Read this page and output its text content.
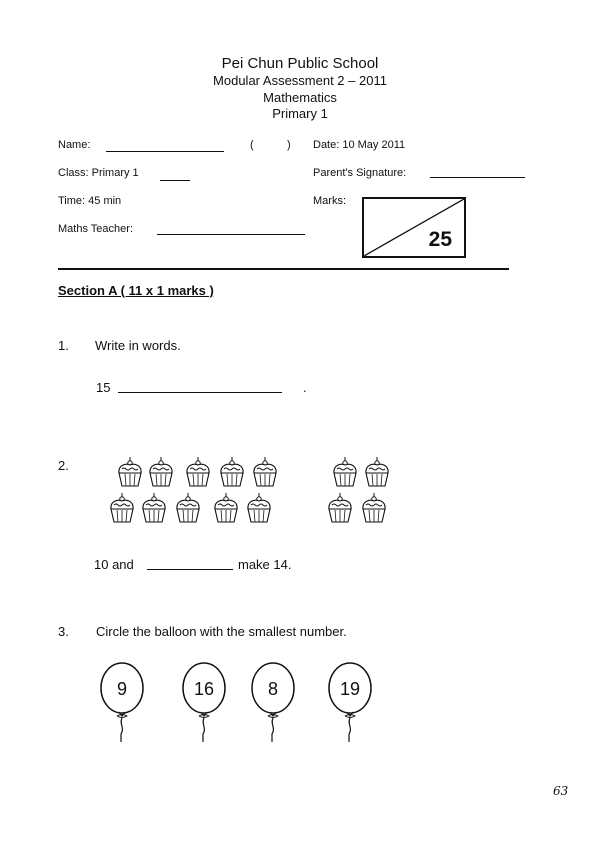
Pei Chun Public School
Modular Assessment 2 – 2011
Mathematics
Primary 1
Name:	(	) Date: 10 May 2011
Class: Primary 1	Parent's Signature:
Time: 45 min	Marks:
Maths Teacher:	25
Section A ( 11 x 1 marks )
1. Write in words.
15	.
2.
10 and	make 14.
3. Circle the balloon with the smallest number.
9	16	8	19
63
